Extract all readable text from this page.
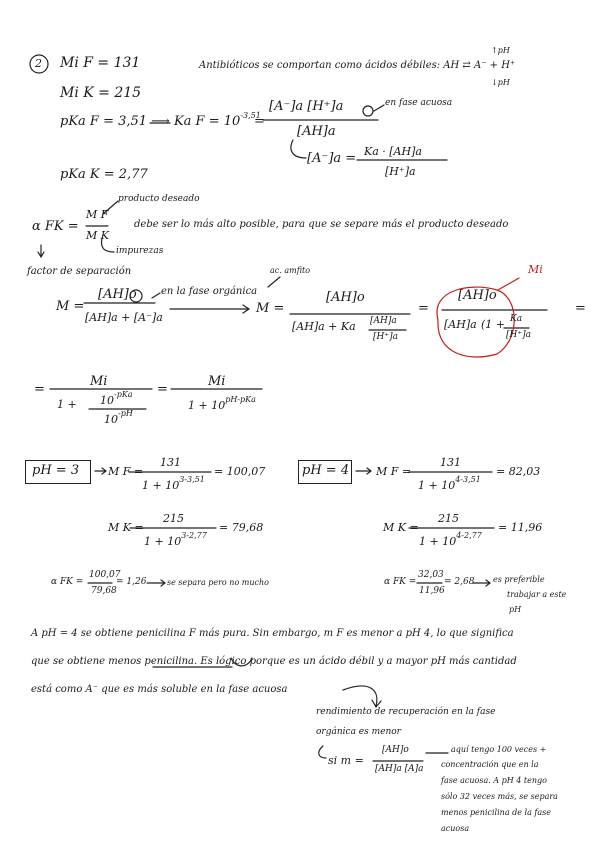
2 Mi F = 131
Mi K = 215
Antibióticos se comportan como ácidos débiles: AH ⇄ A⁻ + H⁺
↑pH
↓pH
pKa F = 3,51 ⟶ Ka $F = 10^{-3,51}$
=
[A⁻]a [H⁺]a
[AH]a
en fase acuosa
[A⁻]a = Ka · [AH]a
[H⁺]a
pKa K = 2,77
producto deseado
α FK =
M F
M K
impurezas
debe ser lo más alto posible, para que se separe más el producto deseado
factor de separación	ac. amfito	Mi
M =
[AH]o
[AH]a + [A⁻]a
en la fase orgánica
M =
[AH]o
[AH]a + Ka [AH]a
[H⁺]a
=
[AH]o
[AH]a (1 + Ka
[H⁺]a
=
=
Mi
$1 + 10^{-pKa}$
$10^{-pH}$
=
Mi
$1 + 10^{pH-pKa}$
pH = 3	M F =
131
$1 + 10^{3-3,51}$
= 100,07
M K =
215
$1 + 10^{3-2,77}$
= 79,68
α FK =
100,07
79,68
= 1,26	se separa pero no mucho
pH = 4 M F =
131
$1 + 10^{4-3,51}$
= 82,03
M K =
215
$1 + 10^{4-2,77}$
= 11,96
α FK =
32,03
11,96
= 2,68 es preferible
trabajar a este
pH
A pH = 4 se obtiene penicilina F más pura. Sin embargo, m F es menor a pH 4, lo que significa
que se obtiene menos penicilina. Es lógico porque es un ácido débil y a mayor pH más cantidad
está como A⁻ que es más soluble en la fase acuosa
rendimiento de recuperación en la fase
orgánica es menor
si m =
[AH]o
[AH]a [A]a
aquí tengo 100 veces +
concentración que en la
fase acuosa. A pH 4 tengo
sólo 32 veces más, se separa
menos penicilina de la fase
acuosa
